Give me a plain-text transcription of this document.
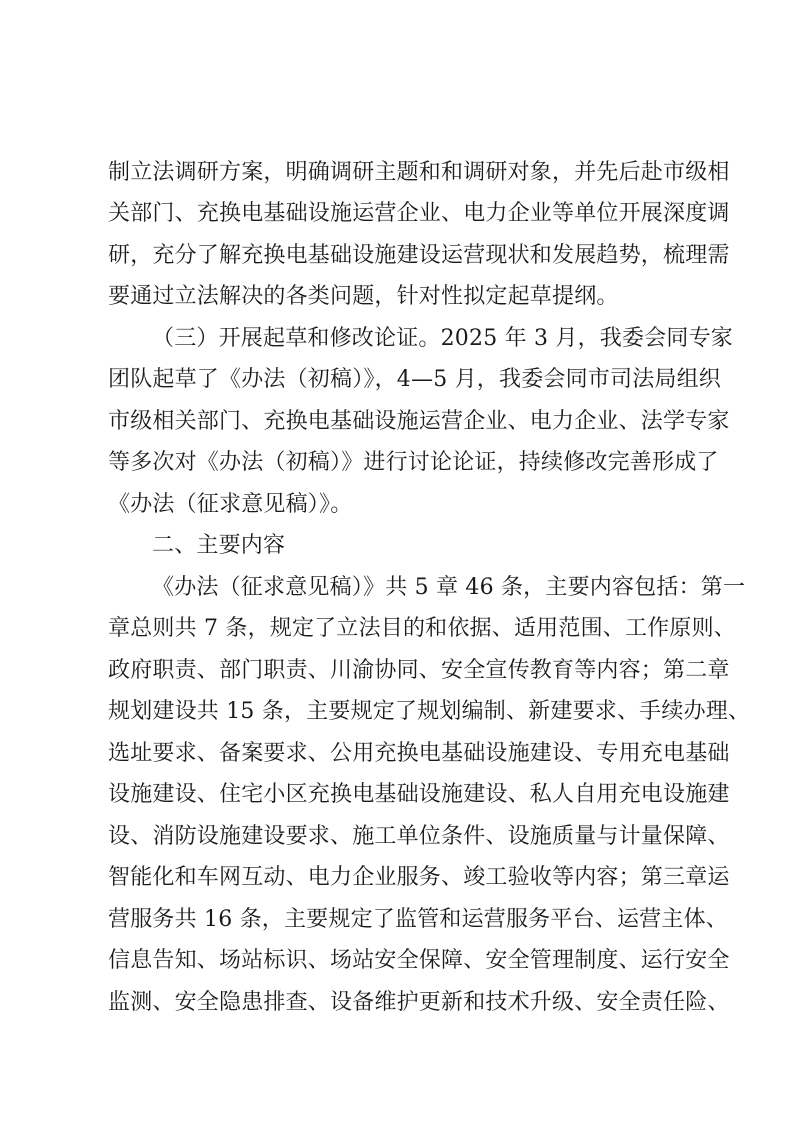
制立法调研方案，明确调研主题和和调研对象，并先后赴市级相
关部门、充换电基础设施运营企业、电力企业等单位开展深度调
研，充分了解充换电基础设施建设运营现状和发展趋势，梳理需
要通过立法解决的各类问题，针对性拟定起草提纲。
（三）开展起草和修改论证。2025 年 3 月，我委会同专家
团队起草了《办法（初稿）》，4—5 月，我委会同市司法局组织
市级相关部门、充换电基础设施运营企业、电力企业、法学专家
等多次对《办法（初稿）》进行讨论论证，持续修改完善形成了
《办法（征求意见稿）》。
二、主要内容
《办法（征求意见稿）》共 5 章 46 条，主要内容包括：第一
章总则共 7 条，规定了立法目的和依据、适用范围、工作原则、
政府职责、部门职责、川渝协同、安全宣传教育等内容；第二章
规划建设共 15 条，主要规定了规划编制、新建要求、手续办理、
选址要求、备案要求、公用充换电基础设施建设、专用充电基础
设施建设、住宅小区充换电基础设施建设、私人自用充电设施建
设、消防设施建设要求、施工单位条件、设施质量与计量保障、
智能化和车网互动、电力企业服务、竣工验收等内容；第三章运
营服务共 16 条，主要规定了监管和运营服务平台、运营主体、
信息告知、场站标识、场站安全保障、安全管理制度、运行安全
监测、安全隐患排查、设备维护更新和技术升级、安全责任险、
